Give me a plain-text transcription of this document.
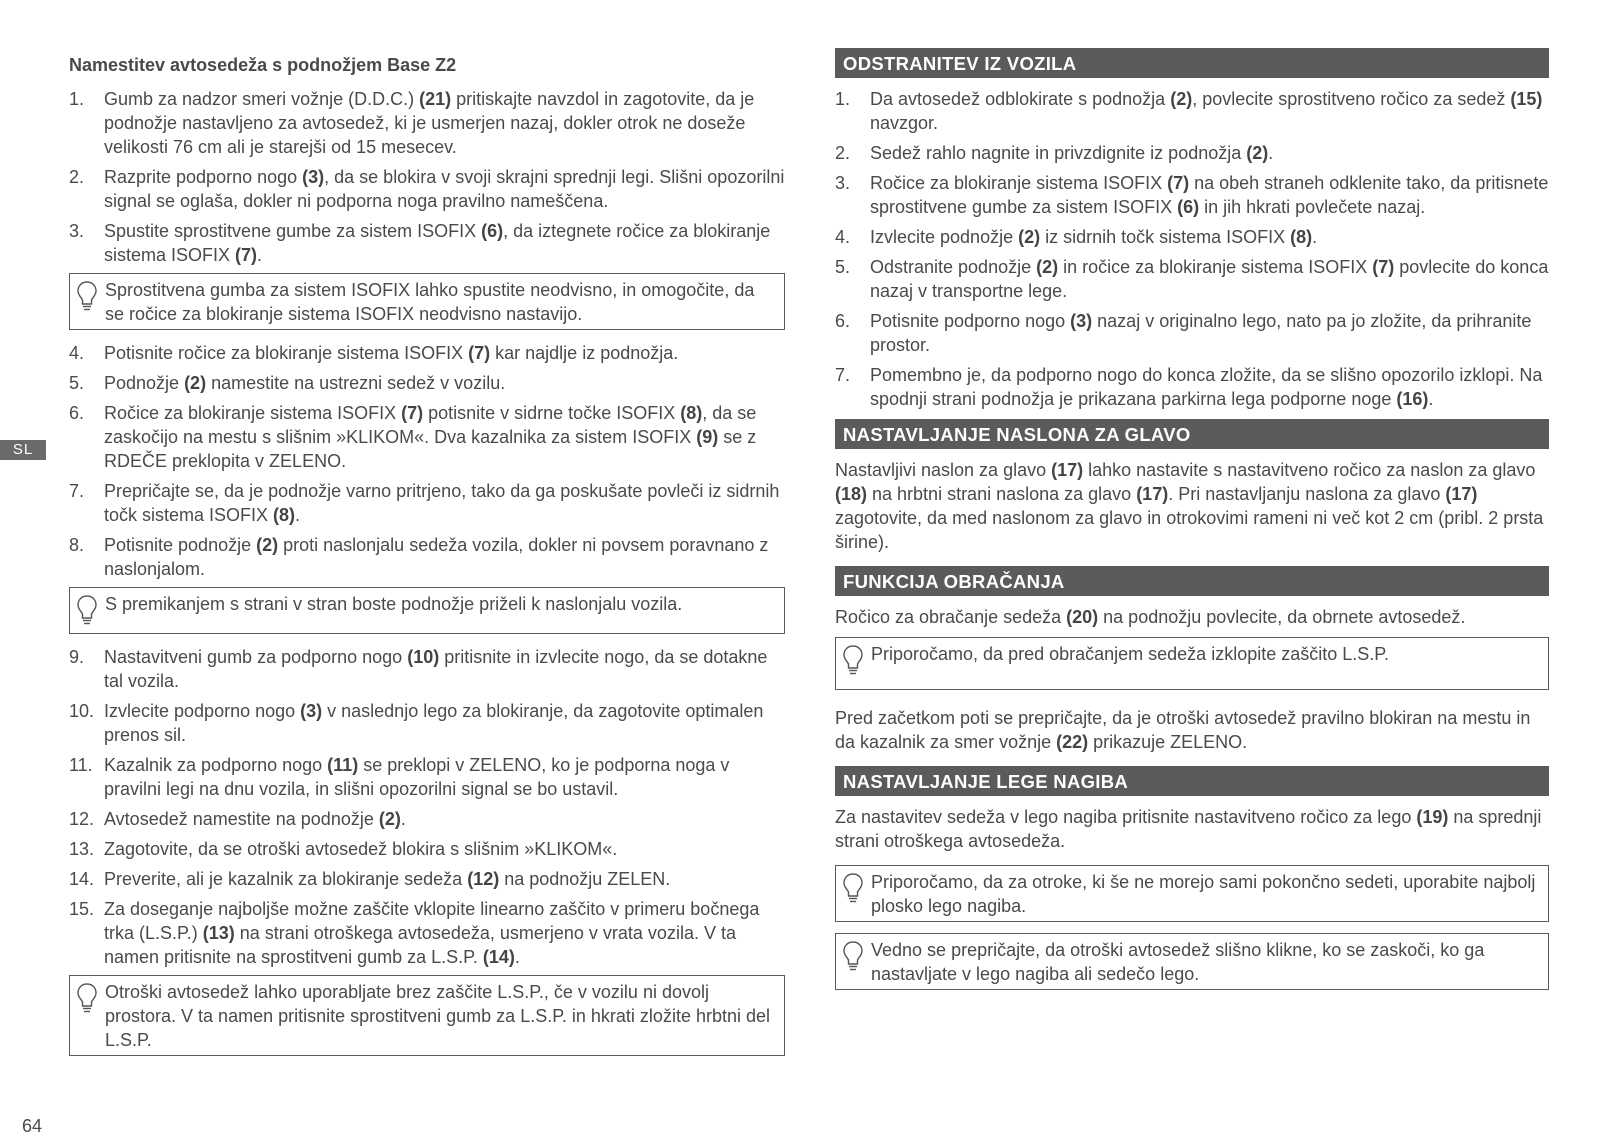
SL
64
Namestitev avtosedeža s podnožjem Base Z2
1. Gumb za nadzor smeri vožnje (D.D.C.) (21) pritiskajte navzdol in zagotovite, da je podnožje nastavljeno za avtosedež, ki je usmerjen nazaj, dokler otrok ne doseže velikosti 76 cm ali je starejši od 15 mesecev.
2. Razprite podporno nogo (3), da se blokira v svoji skrajni sprednji legi. Slišni opozorilni signal se oglaša, dokler ni podporna noga pravilno nameščena.
3. Spustite sprostitvene gumbe za sistem ISOFIX (6), da iztegnete ročice za blokiranje sistema ISOFIX (7).

Sprostitvena gumba za sistem ISOFIX lahko spustite neodvisno, in omogočite, da se ročice za blokiranje sistema ISOFIX neodvisno nastavijo.

4. Potisnite ročice za blokiranje sistema ISOFIX (7) kar najdlje iz podnožja.
5. Podnožje (2) namestite na ustrezni sedež v vozilu.
6. Ročice za blokiranje sistema ISOFIX (7) potisnite v sidrne točke ISOFIX (8), da se zaskočijo na mestu s slišnim »KLIKOM«. Dva kazalnika za sistem ISOFIX (9) se z RDEČE preklopita v ZELENO.
7. Prepričajte se, da je podnožje varno pritrjeno, tako da ga poskušate povleči iz sidrnih točk sistema ISOFIX (8).
8. Potisnite podnožje (2) proti naslonjalu sedeža vozila, dokler ni povsem poravnano z naslonjalom.

S premikanjem s strani v stran boste podnožje priželi k naslonjalu vozila.

9. Nastavitveni gumb za podporno nogo (10) pritisnite in izvlecite nogo, da se dotakne tal vozila.
10. Izvlecite podporno nogo (3) v naslednjo lego za blokiranje, da zagotovite optimalen prenos sil.
11. Kazalnik za podporno nogo (11) se preklopi v ZELENO, ko je podporna noga v pravilni legi na dnu vozila, in slišni opozorilni signal se bo ustavil.
12. Avtosedež namestite na podnožje (2).
13. Zagotovite, da se otroški avtosedež blokira s slišnim »KLIKOM«.
14. Preverite, ali je kazalnik za blokiranje sedeža (12) na podnožju ZELEN.
15. Za doseganje najboljše možne zaščite vklopite linearno zaščito v primeru bočnega trka (L.S.P.) (13) na strani otroškega avtosedeža, usmerjeno v vrata vozila. V ta namen pritisnite na sprostitveni gumb za L.S.P. (14).

Otroški avtosedež lahko uporabljate brez zaščite L.S.P., če v vozilu ni dovolj prostora. V ta namen pritisnite sprostitveni gumb za L.S.P. in hkrati zložite hrbtni del L.S.P.

ODSTRANITEV IZ VOZILA
1. Da avtosedež odblokirate s podnožja (2), povlecite sprostitveno ročico za sedež (15) navzgor.
2. Sedež rahlo nagnite in privzdignite iz podnožja (2).
3. Ročice za blokiranje sistema ISOFIX (7) na obeh straneh odklenite tako, da pritisnete sprostitvene gumbe za sistem ISOFIX (6) in jih hkrati povlečete nazaj.
4. Izvlecite podnožje (2) iz sidrnih točk sistema ISOFIX (8).
5. Odstranite podnožje (2) in ročice za blokiranje sistema ISOFIX (7) povlecite do konca nazaj v transportne lege.
6. Potisnite podporno nogo (3) nazaj v originalno lego, nato pa jo zložite, da prihranite prostor.
7. Pomembno je, da podporno nogo do konca zložite, da se slišno opozorilo izklopi. Na spodnji strani podnožja je prikazana parkirna lega podporne noge (16).
NASTAVLJANJE NASLONA ZA GLAVO

Nastavljivi naslon za glavo (17) lahko nastavite s nastavitveno ročico za naslon za glavo (18) na hrbtni strani naslona za glavo (17). Pri nastavljanju naslona za glavo (17) zagotovite, da med naslonom za glavo in otrokovimi rameni ni več kot 2 cm (pribl. 2 prsta širine).

FUNKCIJA OBRAČANJA

Ročico za obračanje sedeža (20) na podnožju povlecite, da obrnete avtosedež.

Priporočamo, da pred obračanjem sedeža izklopite zaščito L.S.P.

Pred začetkom poti se prepričajte, da je otroški avtosedež pravilno blokiran na mestu in da kazalnik za smer vožnje (22) prikazuje ZELENO.

NASTAVLJANJE LEGE NAGIBA

Za nastavitev sedeža v lego nagiba pritisnite nastavitveno ročico za lego (19) na sprednji strani otroškega avtosedeža.

Priporočamo, da za otroke, ki še ne morejo sami pokončno sedeti, uporabite najbolj plosko lego nagiba.

Vedno se prepričajte, da otroški avtosedež slišno klikne, ko se zaskoči, ko ga nastavljate v lego nagiba ali sedečo lego.
